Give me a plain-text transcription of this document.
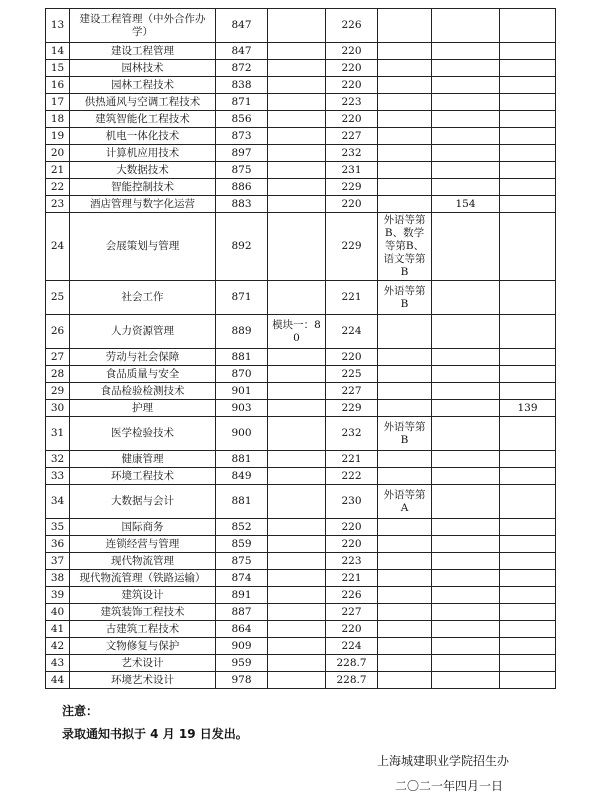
13	建设工程管理（中外合作办学）	847		226			
14	建设工程管理	847		220			
15	园林技术	872		220			
16	园林工程技术	838		220			
17	供热通风与空调工程技术	871		223			
18	建筑智能化工程技术	856		220			
19	机电一体化技术	873		227			
20	计算机应用技术	897		232			
21	大数据技术	875		231			
22	智能控制技术	886		229			
23	酒店管理与数字化运营	883		220		154	
24	会展策划与管理	892		229	外语等第B、数学等第B、语文等第B		
25	社会工作	871		221	外语等第B		
26	人力资源管理	889	模块一：80	224			
27	劳动与社会保障	881		220			
28	食品质量与安全	870		225			
29	食品检验检测技术	901		227			
30	护理	903		229			139
31	医学检验技术	900		232	外语等第B		
32	健康管理	881		221			
33	环境工程技术	849		222			
34	大数据与会计	881		230	外语等第A		
35	国际商务	852		220			
36	连锁经营与管理	859		220			
37	现代物流管理	875		223			
38	现代物流管理（铁路运输）	874		221			
39	建筑设计	891		226			
40	建筑装饰工程技术	887		227			
41	古建筑工程技术	864		220			
42	文物修复与保护	909		224			
43	艺术设计	959		228.7			
44	环境艺术设计	978		228.7			
注意：
录取通知书拟于 4 月 19 日发出。
上海城建职业学院招生办
二〇二一年四月一日
